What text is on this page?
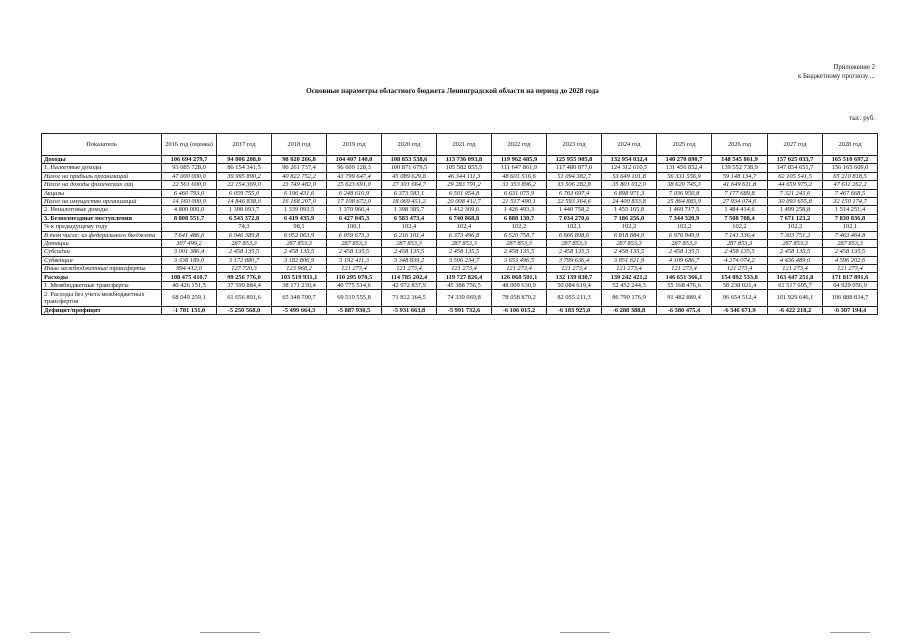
Приложение 2
к Бюджетному прогнозу ...
Основные параметры областного бюджета Ленинградской области на период до 2028 года
тыс. руб.
Показатель	2016 год (оценка)	2017 год	2018 год	2019 год	2020 год	2021 год	2022 год	2023 год	2024 год	2025 год	2026 год	2027 год	2028 год
Доходы	106 694 279,7	94 006 208,0	98 020 266,8	104 407 140,0	108 853 538,6	113 736 093,8	119 962 485,9	125 955 905,8	132 954 032,4	140 270 890,7	148 545 861,9	157 025 033,7	165 510 697,2
1. Налоговые доходы	93 085 728,0	86 154 341,5	90 261 737,4	96 609 128,3	100 871 679,5	105 582 855,5	111 647 861,9	117 480 877,0	124 312 610,5	131 456 852,4	139 552 738,9	147 854 651,7	156 165 609,0
Налог на прибыль организаций	47 000 000,0	39 995 890,2	40 822 752,2	43 799 647,4	45 089 629,8	46 344 111,3	48 601 516,6	51 094 382,7	53 649 101,8	56 331 556,9	59 148 134,7	62 105 541,5	65 210 818,5
Налог на доходы физических лиц	22 561 600,0	22 154 369,0	23 749 482,0	25 623 691,0	27 301 664,7	29 283 791,2	31 353 896,2	33 506 282,8	35 801 012,0	38 620 745,3	41 649 611,8	44 659 975,2	47 611 262,2
Акцизы	6 460 793,0	6 059 755,0	6 196 431,6	6 248 610,9	6 373 583,1	6 501 054,8	6 631 075,9	6 763 697,4	6 898 971,3	7 036 950,8	7 177 689,8	7 321 243,6	7 467 668,5
Налог на имущество организаций	14 160 000,0	14 846 838,0	16 168 207,0	17 108 672,0	18 069 451,2	20 008 412,7	21 517 490,1	22 593 364,6	24 400 833,8	25 864 883,9	27 934 074,6	30 093 655,8	32 150 174,7
2. Неналоговые доходы	4 800 000,0	1 308 093,7	1 339 093,5	1 370 966,4	1 398 385,7	1 412 369,6	1 426 493,3	1 440 758,2	1 455 165,8	1 469 717,5	1 484 414,6	1 499 258,8	1 514 251,4
3. Безвозмездные поступления	8 808 551,7	6 543 372,8	6 419 435,9	6 427 045,3	6 583 473,4	6 740 868,8	6 888 130,7	7 034 270,6	7 186 256,0	7 344 320,9	7 508 708,4	7 671 123,2	7 830 836,8
% к предыдущему году		74,3	98,1	100,1	102,4	102,4	102,2	102,1	102,2	102,2	102,2	102,2	102,1
В том числе: из федерального бюджета	7 641 486,6	6 046 389,8	6 052 063,9	6 059 673,3	6 216 101,4	6 373 496,8	6 520 758,7	6 666 898,6	6 818 884,0	6 976 949,9	7 141 336,4	7 303 751,2	7 463 464,8
Дотации	307 499,2	287 853,3	287 853,3	287 853,3	287 853,3	287 853,3	287 853,3	287 853,3	287 853,3	287 853,3	287 853,3	287 853,3	287 853,3
Субсидии	3 001 386,4	2 458 135,5	2 458 135,5	2 458 135,5	2 458 135,5	2 458 135,5	2 458 135,5	2 458 135,5	2 458 135,5	2 458 135,5	2 458 135,5	2 458 135,5	2 458 135,5
Субвенции	3 338 189,0	3 172 880,7	3 182 806,9	3 192 411,3	3 348 839,2	3 506 234,7	3 653 496,5	3 799 636,4	3 951 621,9	4 109 686,7	4 274 074,2	4 436 489,0	4 596 202,6
Иные межбюджетные трансферты	994 412,0	127 720,3	123 968,2	121 273,4	121 273,4	121 273,4	121 273,4	121 273,4	121 273,4	121 273,4	121 273,4	121 273,4	121 273,4
Расходы	108 475 410,7	99 256 776,0	103 519 931,1	110 295 070,5	114 785 202,4	119 727 826,4	126 068 501,1	132 139 830,7	139 242 421,2	146 651 366,1	154 892 533,8	163 447 251,8	171 817 891,6
1. Межбюджетные трансферты	40 426 151,5	37 599 884,4	38 171 230,4	40 775 514,6	42 972 837,9	45 388 756,5	48 009 630,9	50 084 619,4	52 452 244,3	55 168 476,6	58 238 021,4	61 517 605,7	64 929 056,9
2. Расходы без учета межбюджетных трансфертов	68 049 259,1	61 656 891,6	65 348 700,7	69 519 555,8	71 812 364,5	74 339 069,8	78 058 870,2	82 055 211,3	86 790 176,9	91 482 889,4	96 654 512,4	101 929 646,1	106 888 834,7
Дефицит/профицит	-1 781 131,0	-5 250 568,0	-5 499 664,3	-5 887 930,5	-5 931 663,8	-5 991 732,6	-6 106 015,2	-6 183 925,0	-6 288 388,8	-6 380 475,4	-6 346 671,9	-6 422 218,2	-6 307 194,4
